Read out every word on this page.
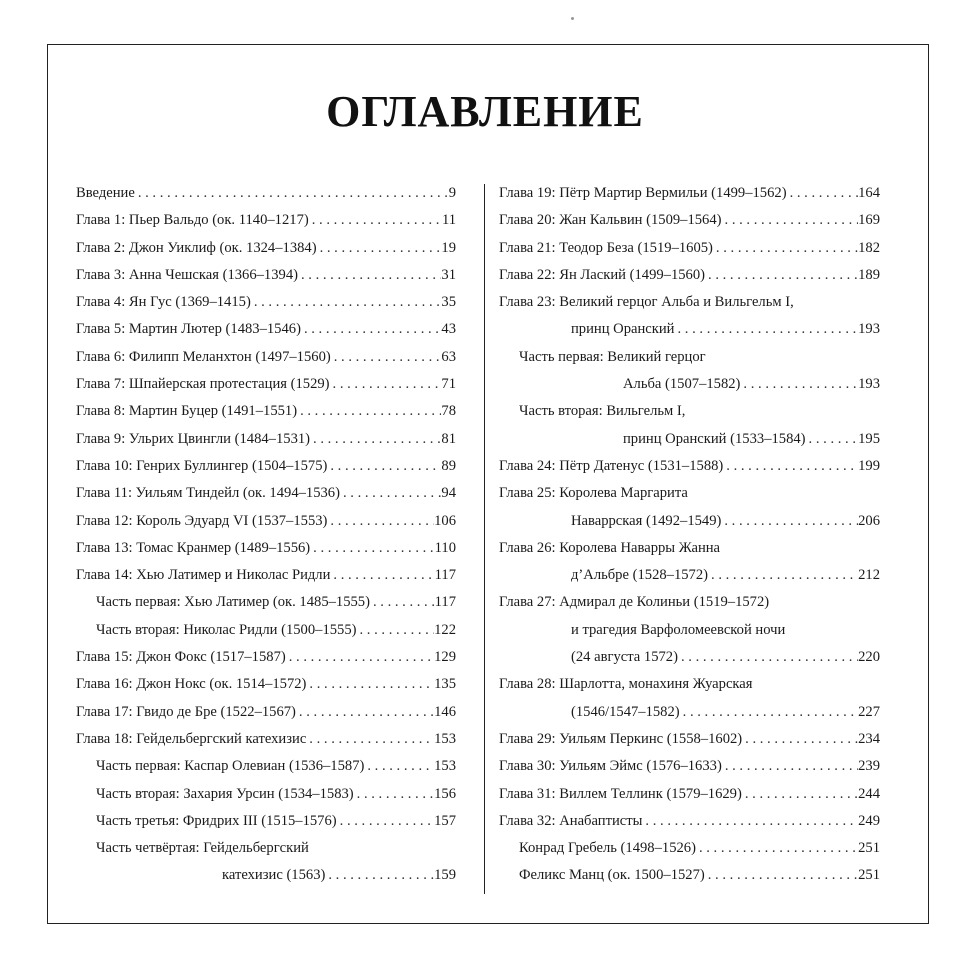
ОГЛАВЛЕНИЕ
Введение . . .	9
Глава 1: Пьер Вальдо (ок. 1140–1217) . . .	11
Глава 2: Джон Уиклиф (ок. 1324–1384) . . .	19
Глава 3: Анна Чешская (1366–1394) . . .	31
Глава 4: Ян Гус (1369–1415) . . .	35
Глава 5: Мартин Лютер (1483–1546) . . .	43
Глава 6: Филипп Меланхтон (1497–1560) . . .	63
Глава 7: Шпайерская протестация (1529) . . .	71
Глава 8: Мартин Буцер (1491–1551) . . .	78
Глава 9: Ульрих Цвингли (1484–1531) . . .	81
Глава 10: Генрих Буллингер (1504–1575) . . .	89
Глава 11: Уильям Тиндейл (ок. 1494–1536) . . .	94
Глава 12: Король Эдуард VI (1537–1553) . . .	106
Глава 13: Томас Кранмер (1489–1556) . . .	110
Глава 14: Хью Латимер и Николас Ридли . . .	117
Часть первая: Хью Латимер (ок. 1485–1555) . . .	117
Часть вторая: Николас Ридли (1500–1555) . . .	122
Глава 15: Джон Фокс (1517–1587) . . .	129
Глава 16: Джон Нокс (ок. 1514–1572) . . .	135
Глава 17: Гвидо де Бре (1522–1567) . . .	146
Глава 18: Гейдельбергский катехизис . . .	153
Часть первая: Каспар Олевиан (1536–1587) . . .	153
Часть вторая: Захария Урсин (1534–1583) . . .	156
Часть третья: Фридрих III (1515–1576) . . .	157
Часть четвёртая: Гейдельбергский
катехизис (1563) . . .	159
Глава 19: Пётр Мартир Вермильи (1499–1562) . . .	164
Глава 20: Жан Кальвин (1509–1564) . . .	169
Глава 21: Теодор Беза (1519–1605) . . .	182
Глава 22: Ян Лаский (1499–1560) . . .	189
Глава 23: Великий герцог Альба и Вильгельм I,
принц Оранский . . .	193
Часть первая: Великий герцог
Альба (1507–1582) . . .	193
Часть вторая: Вильгельм I,
принц Оранский (1533–1584) . . .	195
Глава 24: Пётр Датенус (1531–1588) . . .	199
Глава 25: Королева Маргарита
Наваррская (1492–1549) . . .	206
Глава 26: Королева Наварры Жанна
д’Альбре (1528–1572) . . .	212
Глава 27: Адмирал де Колиньи (1519–1572)
и трагедия Варфоломеевской ночи
(24 августа 1572) . . .	220
Глава 28: Шарлотта, монахиня Жуарская
(1546/1547–1582) . . .	227
Глава 29: Уильям Перкинс (1558–1602) . . .	234
Глава 30: Уильям Эймс (1576–1633) . . .	239
Глава 31: Виллем Теллинк (1579–1629) . . .	244
Глава 32: Анабаптисты . . .	249
Конрад Гребель (1498–1526) . . .	251
Феликс Манц (ок. 1500–1527) . . .	251
